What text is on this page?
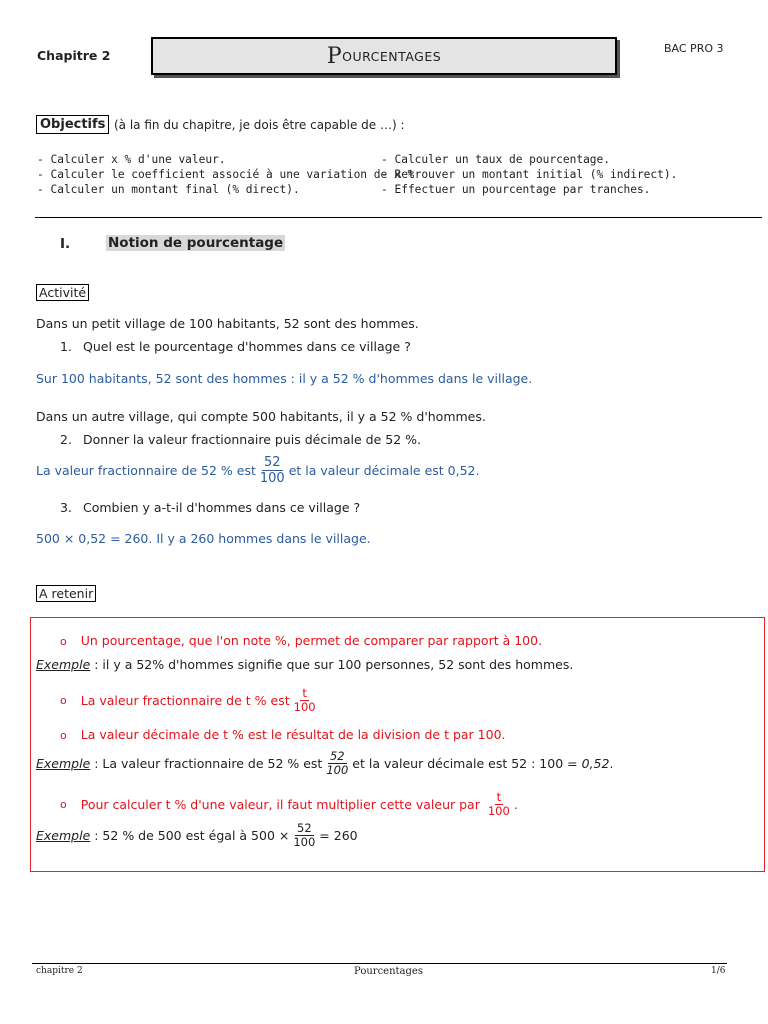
Chapitre 2	P OURCENTAGES	BAC PRO 3
Objectifs (à la fin du chapitre, je dois être capable de …) :
- Calculer x % d'une valeur.
- Calculer le coefficient associé à une variation de x %
- Calculer un montant final (% direct).
- Calculer un taux de pourcentage.
- Retrouver un montant initial (% indirect).
- Effectuer un pourcentage par tranches.
I.	Notion de pourcentage
Activité
Dans un petit village de 100 habitants, 52 sont des hommes.
1. Quel est le pourcentage d'hommes dans ce village ?
Sur 100 habitants, 52 sont des hommes : il y a 52 % d'hommes dans le village.
Dans un autre village, qui compte 500 habitants, il y a 52 % d'hommes.
2. Donner la valeur fractionnaire puis décimale de 52 %.
La valeur fractionnaire de 52 % est $\frac{52}{100}$ et la valeur décimale est 0,52.
3. Combien y a-t-il d'hommes dans ce village ?
500 × 0,52 = 260. Il y a 260 hommes dans le village.
A retenir
o Un pourcentage, que l'on note %, permet de comparer par rapport à 100.
Exemple : il y a 52% d'hommes signifie que sur 100 personnes, 52 sont des hommes.
o La valeur fractionnaire de t % est $\frac{t}{100}$
o La valeur décimale de t % est le résultat de la division de t par 100.
Exemple
: La valeur fractionnaire de 52 % est $\frac{52}{100}$ et la valeur décimale est 52 : 100 =
0,52 .
o Pour calculer t % d'une valeur, il faut multiplier cette valeur par $\frac{t}{100}$ .
Exemple
: 52 % de 500 est égal à $500 \times \frac{52}{100} = 260$
chapitre 2	Pourcentages	1/6
